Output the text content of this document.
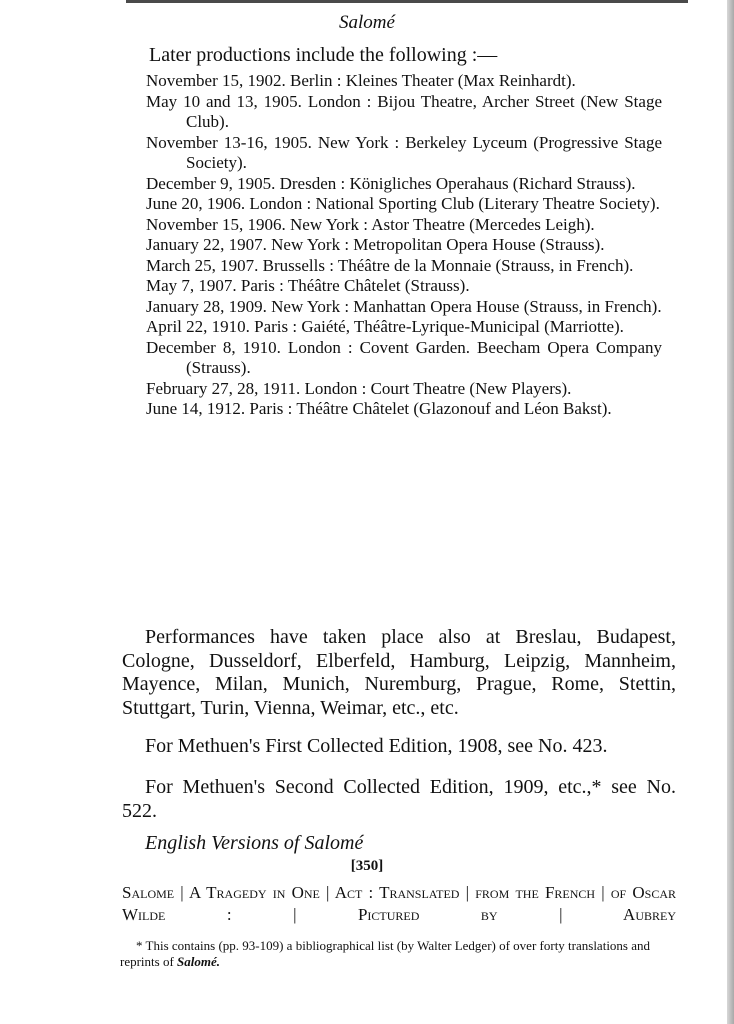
Salomé
Later productions include the following :—
November 15, 1902. Berlin : Kleines Theater (Max Reinhardt).
May 10 and 13, 1905. London : Bijou Theatre, Archer Street (New Stage Club).
November 13-16, 1905. New York : Berkeley Lyceum (Progressive Stage Society).
December 9, 1905. Dresden : Königliches Operahaus (Richard Strauss).
June 20, 1906. London : National Sporting Club (Literary Theatre Society).
November 15, 1906. New York : Astor Theatre (Mercedes Leigh).
January 22, 1907. New York : Metropolitan Opera House (Strauss).
March 25, 1907. Brussells : Théâtre de la Monnaie (Strauss, in French).
May 7, 1907. Paris : Théâtre Châtelet (Strauss).
January 28, 1909. New York : Manhattan Opera House (Strauss, in French).
April 22, 1910. Paris : Gaiété, Théâtre-Lyrique-Municipal (Marriotte).
December 8, 1910. London : Covent Garden. Beecham Opera Company (Strauss).
February 27, 28, 1911. London : Court Theatre (New Players).
June 14, 1912. Paris : Théâtre Châtelet (Glazonouf and Léon Bakst).
Performances have taken place also at Breslau, Budapest, Cologne, Dusseldorf, Elberfeld, Hamburg, Leipzig, Mannheim, Mayence, Milan, Munich, Nuremburg, Prague, Rome, Stettin, Stuttgart, Turin, Vienna, Weimar, etc., etc.
For Methuen's First Collected Edition, 1908, see No. 423.
For Methuen's Second Collected Edition, 1909, etc.,* see No. 522.
English Versions of Salomé
[350]
Salome | A Tragedy in One | Act : Translated | from the French | of Oscar Wilde : | Pictured by | Aubrey
* This contains (pp. 93-109) a bibliographical list (by Walter Ledger) of over forty translations and reprints of Salomé.
